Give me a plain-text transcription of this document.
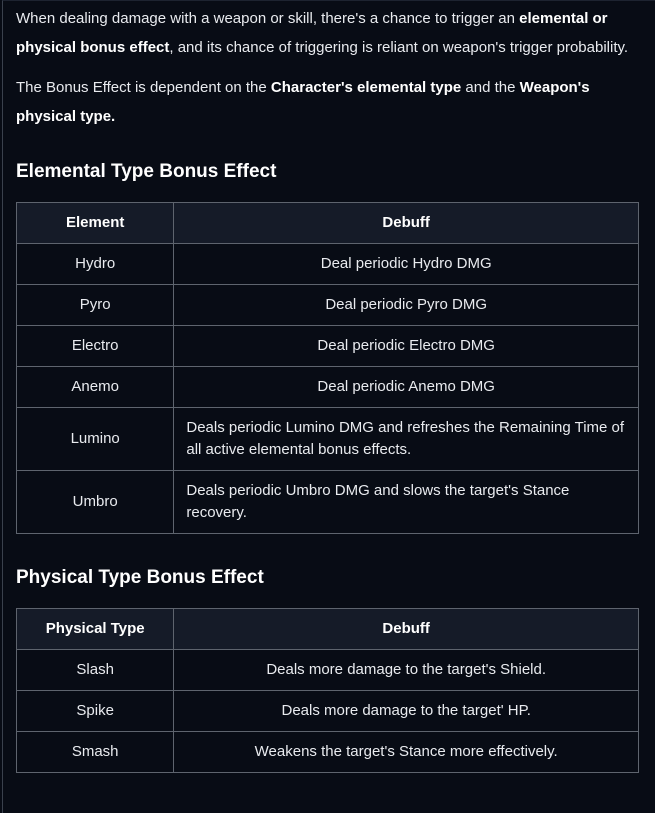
When dealing damage with a weapon or skill, there's a chance to trigger an elemental or physical bonus effect, and its chance of triggering is reliant on weapon's trigger probability.

The Bonus Effect is dependent on the Character's elemental type and the Weapon's physical type.

Elemental Type Bonus Effect
Element	Debuff
Hydro	Deal periodic Hydro DMG
Pyro	Deal periodic Pyro DMG
Electro	Deal periodic Electro DMG
Anemo	Deal periodic Anemo DMG
Lumino	Deals periodic Lumino DMG and refreshes the Remaining Time of all active elemental bonus effects.
Umbro	Deals periodic Umbro DMG and slows the target's Stance recovery.
Physical Type Bonus Effect
Physical Type	Debuff
Slash	Deals more damage to the target's Shield.
Spike	Deals more damage to the target' HP.
Smash	Weakens the target's Stance more effectively.
